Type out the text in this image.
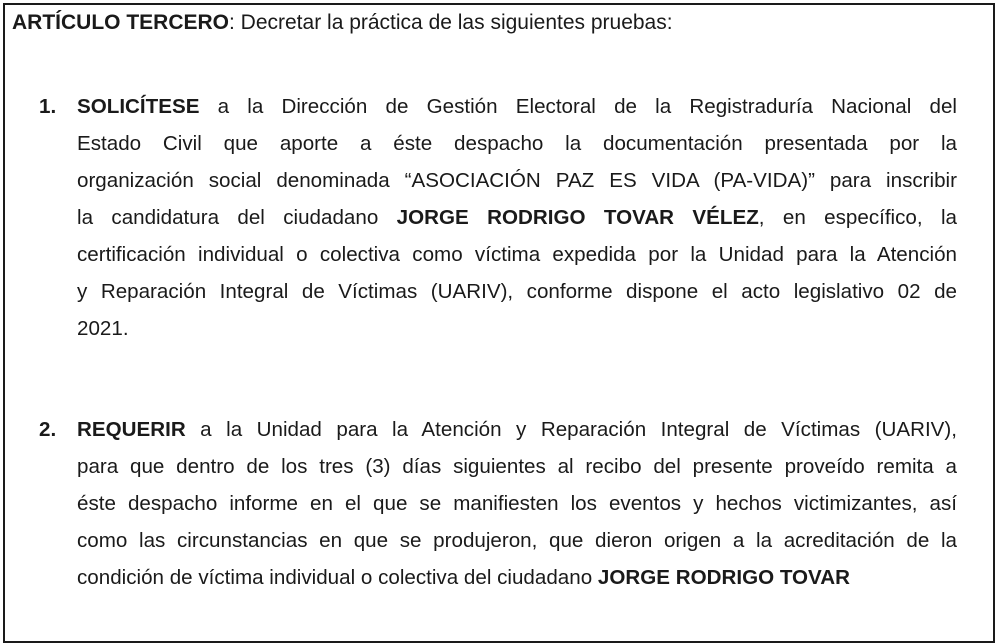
ARTÍCULO TERCERO: Decretar la práctica de las siguientes pruebas:
1. SOLICÍTESE a la Dirección de Gestión Electoral de la Registraduría Nacional del
Estado Civil que aporte a éste despacho la documentación presentada por la
organización social denominada “ASOCIACIÓN PAZ ES VIDA (PA-VIDA)” para inscribir
la candidatura del ciudadano JORGE RODRIGO TOVAR VÉLEZ, en específico, la
certificación individual o colectiva como víctima expedida por la Unidad para la Atención
y Reparación Integral de Víctimas (UARIV), conforme dispone el acto legislativo 02 de
2021.
2. REQUERIR a la Unidad para la Atención y Reparación Integral de Víctimas (UARIV),
para que dentro de los tres (3) días siguientes al recibo del presente proveído remita a
éste despacho informe en el que se manifiesten los eventos y hechos victimizantes, así
como las circunstancias en que se produjeron, que dieron origen a la acreditación de la
condición de víctima individual o colectiva del ciudadano JORGE RODRIGO TOVAR
